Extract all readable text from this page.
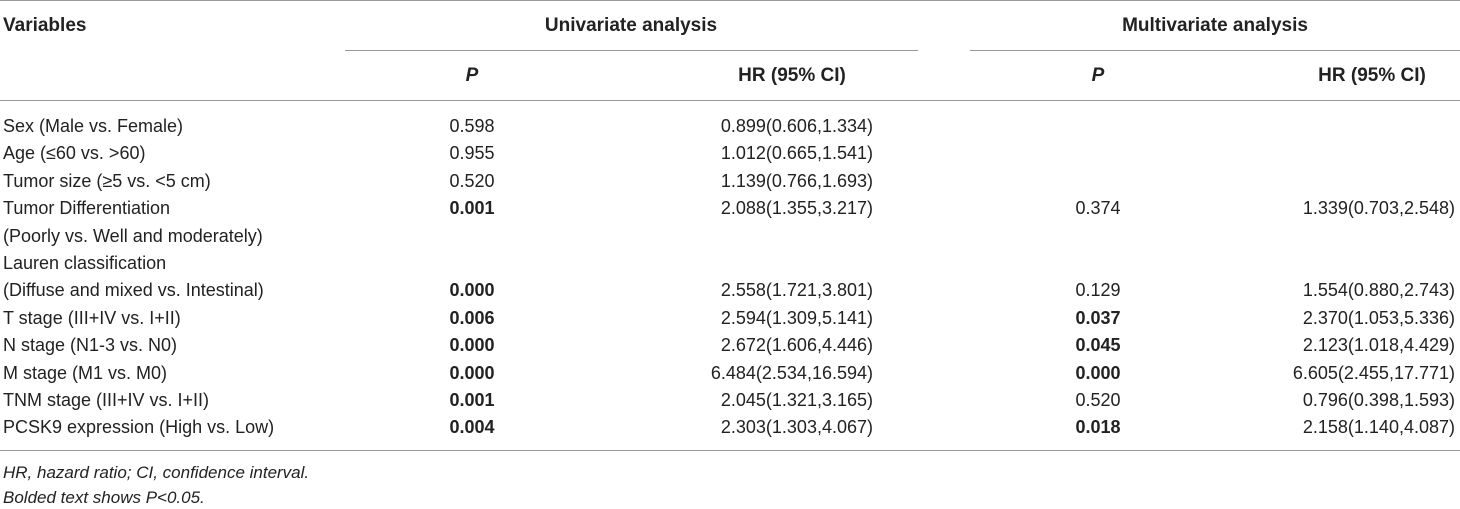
Variables	Univariate analysis	Multivariate analysis
P	HR (95% CI)	P	HR (95% CI)
Sex (Male vs. Female)	0.598	0.899(0.606,1.334)
Age (≤60 vs. >60)	0.955	1.012(0.665,1.541)
Tumor size (≥5 vs. <5 cm)	0.520	1.139(0.766,1.693)
Tumor Differentiation	0.001	2.088(1.355,3.217)	0.374	1.339(0.703,2.548)
(Poorly vs. Well and moderately)
Lauren classification
(Diffuse and mixed vs. Intestinal)	0.000	2.558(1.721,3.801)	0.129	1.554(0.880,2.743)
T stage (III+IV vs. I+II)	0.006	2.594(1.309,5.141)	0.037	2.370(1.053,5.336)
N stage (N1-3 vs. N0)	0.000	2.672(1.606,4.446)	0.045	2.123(1.018,4.429)
M stage (M1 vs. M0)	0.000	6.484(2.534,16.594)	0.000	6.605(2.455,17.771)
TNM stage (III+IV vs. I+II)	0.001	2.045(1.321,3.165)	0.520	0.796(0.398,1.593)
PCSK9 expression (High vs. Low)	0.004	2.303(1.303,4.067)	0.018	2.158(1.140,4.087)
HR, hazard ratio; CI, confidence interval.
Bolded text shows P<0.05.
